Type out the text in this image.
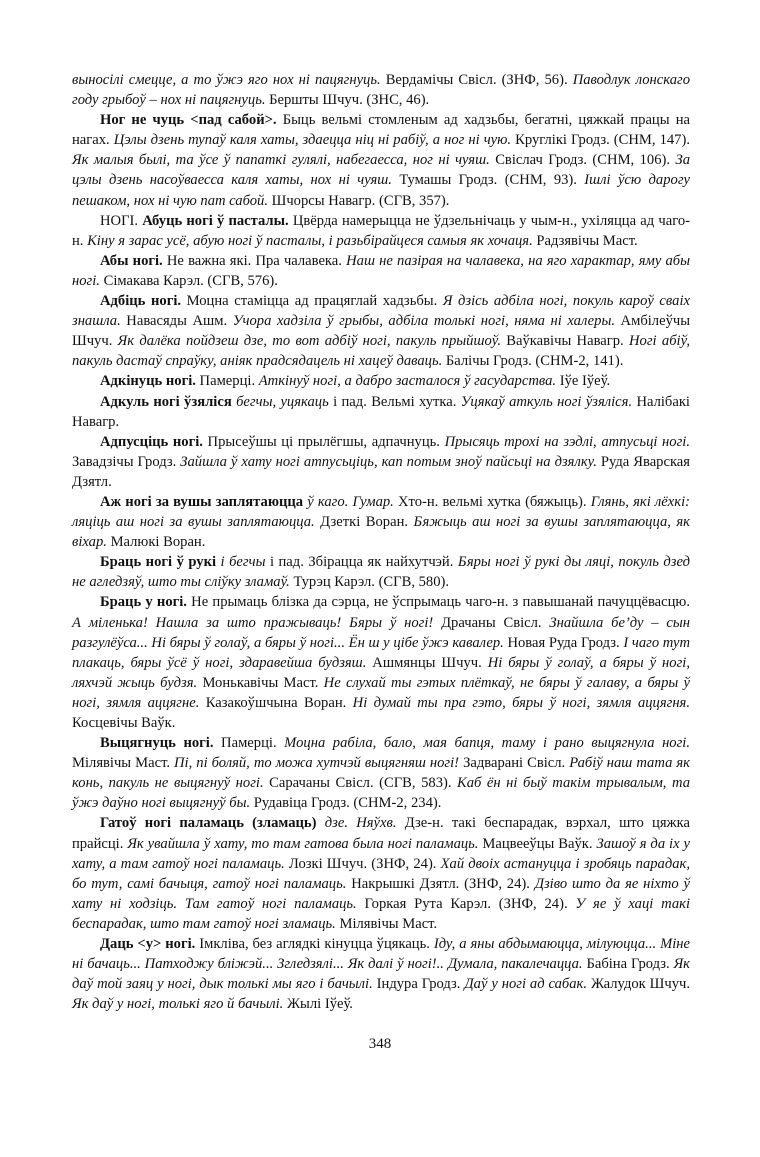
выносілі смецце, а то ўжэ яго нох ні пацягнуць. Вердамічы Свісл. (ЗНФ, 56). Паводлук лонскаго году грыбоў – нох ні пацягнуць. Бершты Шчуч. (ЗНС, 46).

Ног не чуць <пад сабой>. Быць вельмі стомленым ад хадзьбы, бегатні, цяжкай працы на нагах. Цэлы дзень тупаў каля хаты, здаецца ніц ні рабіў, а ног ні чую. Круглікі Гродз. (СНМ, 147). Як малыя былі, та ўсе ў папаткі гулялі, набегаесса, ног ні чуяш. Свіслач Гродз. (СНМ, 106). За цэлы дзень насоўваесса каля хаты, нох ні чуяш. Тумашы Гродз. (СНМ, 93). Ішлі ўсю дарогу пешаком, нох ні чую пат сабой. Шчорсы Навагр. (СГВ, 357).

НОГІ. Абуць ногі ў пасталы. Цвёрда намерыцца не ўдзельнічаць у чым-н., ухіляцца ад чаго-н. Кіну я зарас усё, абую ногі ў пасталы, і разьбірайцеся самыя як хочаця. Радзявічы Маст.

Абы ногі. Не важна які. Пра чалавека. Наш не пазірая на чалавека, на яго характар, яму абы ногі. Сімакава Карэл. (СГВ, 576).

Адбіць ногі. Моцна стаміцца ад працяглай хадзьбы. Я дзісь адбіла ногі, покуль кароў сваіх знашла. Навасяды Ашм. Учора хадзіла ў грыбы, адбіла толькі ногі, няма ні халеры. Амбілеўчы Шчуч. Як далёка пойдзеш дзе, то вот адбіў ногі, пакуль прыйшоў. Ваўкавічы Навагр. Ногі абіў, пакуль дастаў спраўку, аніяк прадсядацель ні хацеў даваць. Балічы Гродз. (СНМ-2, 141).

Адкінуць ногі. Памерці. Аткінуў ногі, а дабро засталося ў гасударства. Іўе Іўеў.

Адкуль ногі ўзяліся бегчы, уцякаць і пад. Вельмі хутка. Уцякаў аткуль ногі ўзяліся. Налібакі Навагр.

Адпусціць ногі. Прысеўшы ці прылёгшы, адпачнуць. Прысяць трохі на зэдлі, атпусьці ногі. Завадзічы Гродз. Зайшла ў хату ногі атпусьціць, кап потым зноў пайсьці на дзялку. Руда Яварская Дзятл.

Аж ногі за вушы заплятаюцца ў каго. Гумар. Хто-н. вельмі хутка (бяжыць). Глянь, які лёхкі: ляціць аш ногі за вушы заплятаюцца. Дзеткі Воран. Бяжыць аш ногі за вушы заплятаюцца, як віхар. Малюкі Воран.

Браць ногі ў рукі і бегчы і пад. Збірацца як найхутчэй. Бяры ногі ў рукі ды ляці, покуль дзед не агледзяў, што ты сліўку зламаў. Турэц Карэл. (СГВ, 580).

Браць у ногі. Не прымаць блізка да сэрца, не ўспрымаць чаго-н. з павышанай пачуццёвасцю. А міленька! Нашла за што пражываць! Бяры ў ногі! Драчаны Свісл. Знайшла бе’ду – сын разгулёўса... Ні бяры ў голаў, а бяры ў ногі... Ён ш у цібе ўжэ кавалер. Новая Руда Гродз. І чаго тут плакаць, бяры ўсё ў ногі, здаравейша будзяш. Ашмянцы Шчуч. Ні бяры ў голаў, а бяры ў ногі, ляхчэй жыць будзя. Монькавічы Маст. Не слухай ты гэтых плёткаў, не бяры ў галаву, а бяры ў ногі, зямля аццягне. Казакоўшчына Воран. Ні думай ты пра гэто, бяры ў ногі, зямля аццягня. Косцевічы Ваўк.

Выцягнуць ногі. Памерці. Моцна рабіла, бало, мая бапця, таму і рано выцягнула ногі. Мілявічы Маст. Пі, пі боляй, то можа хутчэй выцягняш ногі! Задварані Свісл. Рабіў наш тата як конь, пакуль не выцягнуў ногі. Сарачаны Свісл. (СГВ, 583). Каб ён ні быў такім трывалым, та ўжэ даўно ногі выцягнуў бы. Рудавіца Гродз. (СНМ-2, 234).

Гатоў ногі паламаць (зламаць) дзе. Няўхв. Дзе-н. такі беспарадак, вэрхал, што цяжка прайсці. Як увайшла ў хату, то там гатова была ногі паламаць. Мацвееўцы Ваўк. Зашоў я да іх у хату, а там гатоў ногі паламаць. Лозкі Шчуч. (ЗНФ, 24). Хай двоіх астануцца і зробяць парадак, бо тут, самі бачыця, гатоў ногі паламаць. Накрышкі Дзятл. (ЗНФ, 24). Дзіво што да яе ніхто ў хату ні ходзіць. Там гатоў ногі паламаць. Горкая Рута Карэл. (ЗНФ, 24). У яе ў хаці такі беспарадак, што там гатоў ногі зламаць. Мілявічы Маст.

Даць <у> ногі. Імкліва, без аглядкі кінуцца ўцякаць. Іду, а яны абдымаюцца, мілуюцца... Міне ні бачаць... Патходжу бліжэй... Згледзялі... Як далі ў ногі!.. Думала, пакалечацца. Бабіна Гродз. Як даў той заяц у ногі, дык толькі мы яго і бачылі. Індура Гродз. Даў у ногі ад сабак. Жалудок Шчуч. Як даў у ногі, толькі яго й бачылі. Жылі Іўеў.

348
